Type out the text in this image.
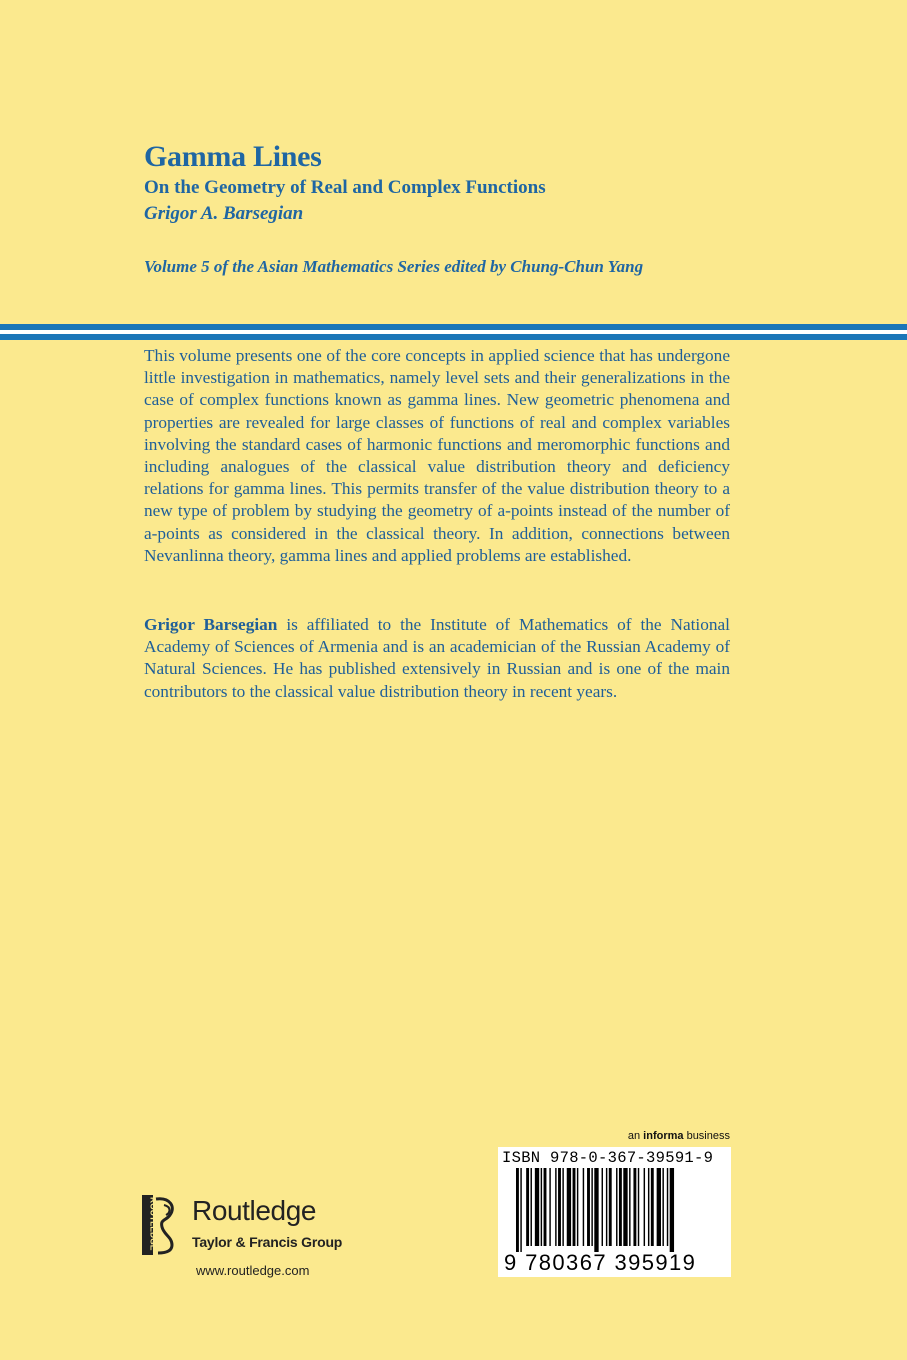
Gamma Lines
On the Geometry of Real and Complex Functions
Grigor A. Barsegian
Volume 5 of the Asian Mathematics Series edited by Chung-Chun Yang

This volume presents one of the core concepts in applied science that has undergone little investigation in mathematics, namely level sets and their generalizations in the case of complex functions known as gamma lines. New geometric phenomena and properties are revealed for large classes of functions of real and complex variables involving the standard cases of harmonic functions and meromorphic functions and including analogues of the classical value distribution theory and deficiency relations for gamma lines. This permits transfer of the value distribution theory to a new type of problem by studying the geometry of a-points instead of the number of a-points as considered in the classical theory. In addition, connections between Nevanlinna theory, gamma lines and applied problems are established.

Grigor Barsegian is affiliated to the Institute of Mathematics of the National Academy of Sciences of Armenia and is an academician of the Russian Academy of Natural Sciences. He has published extensively in Russian and is one of the main contributors to the classical value distribution theory in recent years.

ROUTLEDGE Routledge
Taylor & Francis Group
www.routledge.com
an informa business
ISBN 978-0-367-39591-9
9 780367 395919
